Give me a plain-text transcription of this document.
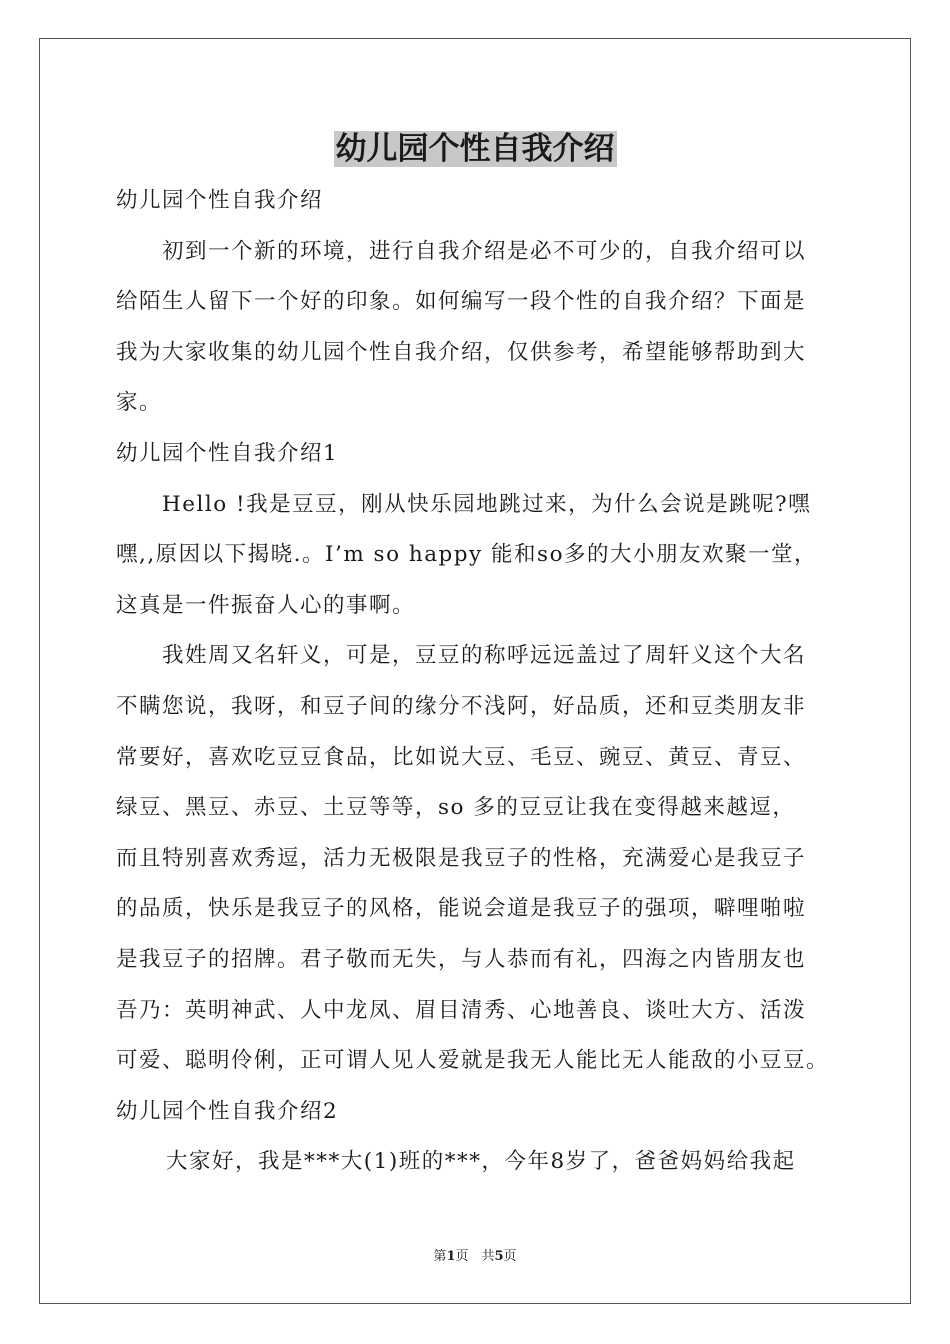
幼儿园个性自我介绍
幼儿园个性自我介绍
初到一个新的环境，进行自我介绍是必不可少的，自我介绍可以
给陌生人留下一个好的印象。如何编写一段个性的自我介绍？下面是
我为大家收集的幼儿园个性自我介绍，仅供参考，希望能够帮助到大
家。
幼儿园个性自我介绍1
Hello !我是豆豆，刚从快乐园地跳过来，为什么会说是跳呢?嘿
嘿,,原因以下揭晓.。I’m so happy 能和so多的大小朋友欢聚一堂，
这真是一件振奋人心的事啊。
我姓周又名轩义，可是，豆豆的称呼远远盖过了周轩义这个大名
不瞒您说，我呀，和豆子间的缘分不浅阿，好品质，还和豆类朋友非
常要好，喜欢吃豆豆食品，比如说大豆、毛豆、豌豆、黄豆、青豆、
绿豆、黑豆、赤豆、土豆等等，so 多的豆豆让我在变得越来越逗，
而且特别喜欢秀逗，活力无极限是我豆子的性格，充满爱心是我豆子
的品质，快乐是我豆子的风格，能说会道是我豆子的强项，噼哩啪啦
是我豆子的招牌。君子敬而无失，与人恭而有礼，四海之内皆朋友也
吾乃：英明神武、人中龙凤、眉目清秀、心地善良、谈吐大方、活泼
可爱、聪明伶俐，正可谓人见人爱就是我无人能比无人能敌的小豆豆。
幼儿园个性自我介绍2
大家好，我是***大(1)班的***，今年8岁了，爸爸妈妈给我起
第1页　共5页
